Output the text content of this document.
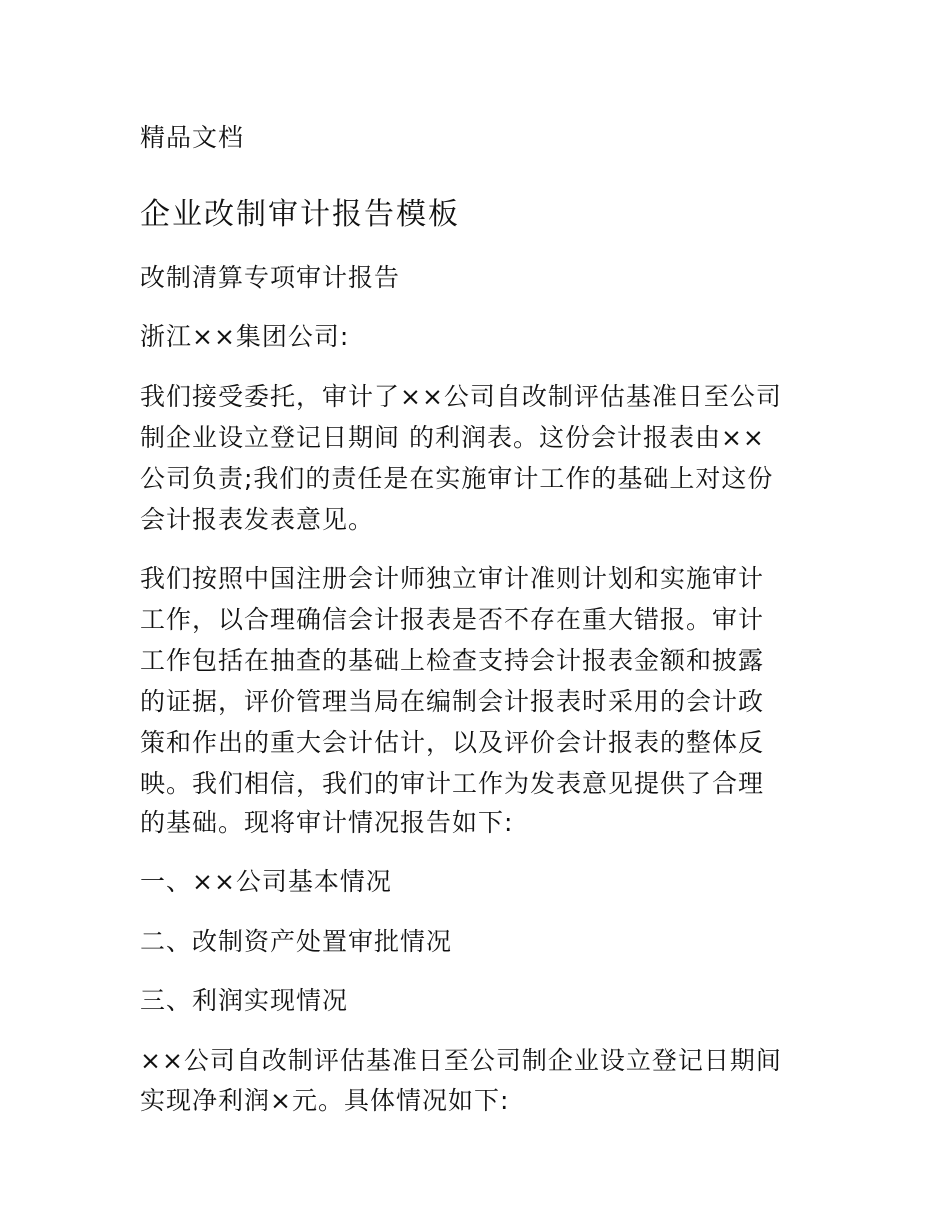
精品文档
企业改制审计报告模板
改制清算专项审计报告
浙江××集团公司:
我们接受委托，审计了××公司自改制评估基准日至公司
制企业设立登记日期间 的利润表。这份会计报表由××
公司负责;我们的责任是在实施审计工作的基础上对这份
会计报表发表意见。
我们按照中国注册会计师独立审计准则计划和实施审计
工作，以合理确信会计报表是否不存在重大错报。审计
工作包括在抽查的基础上检查支持会计报表金额和披露
的证据，评价管理当局在编制会计报表时采用的会计政
策和作出的重大会计估计，以及评价会计报表的整体反
映。我们相信，我们的审计工作为发表意见提供了合理
的基础。现将审计情况报告如下:
一、××公司基本情况
二、改制资产处置审批情况
三、利润实现情况
××公司自改制评估基准日至公司制企业设立登记日期间
实现净利润×元。具体情况如下:
